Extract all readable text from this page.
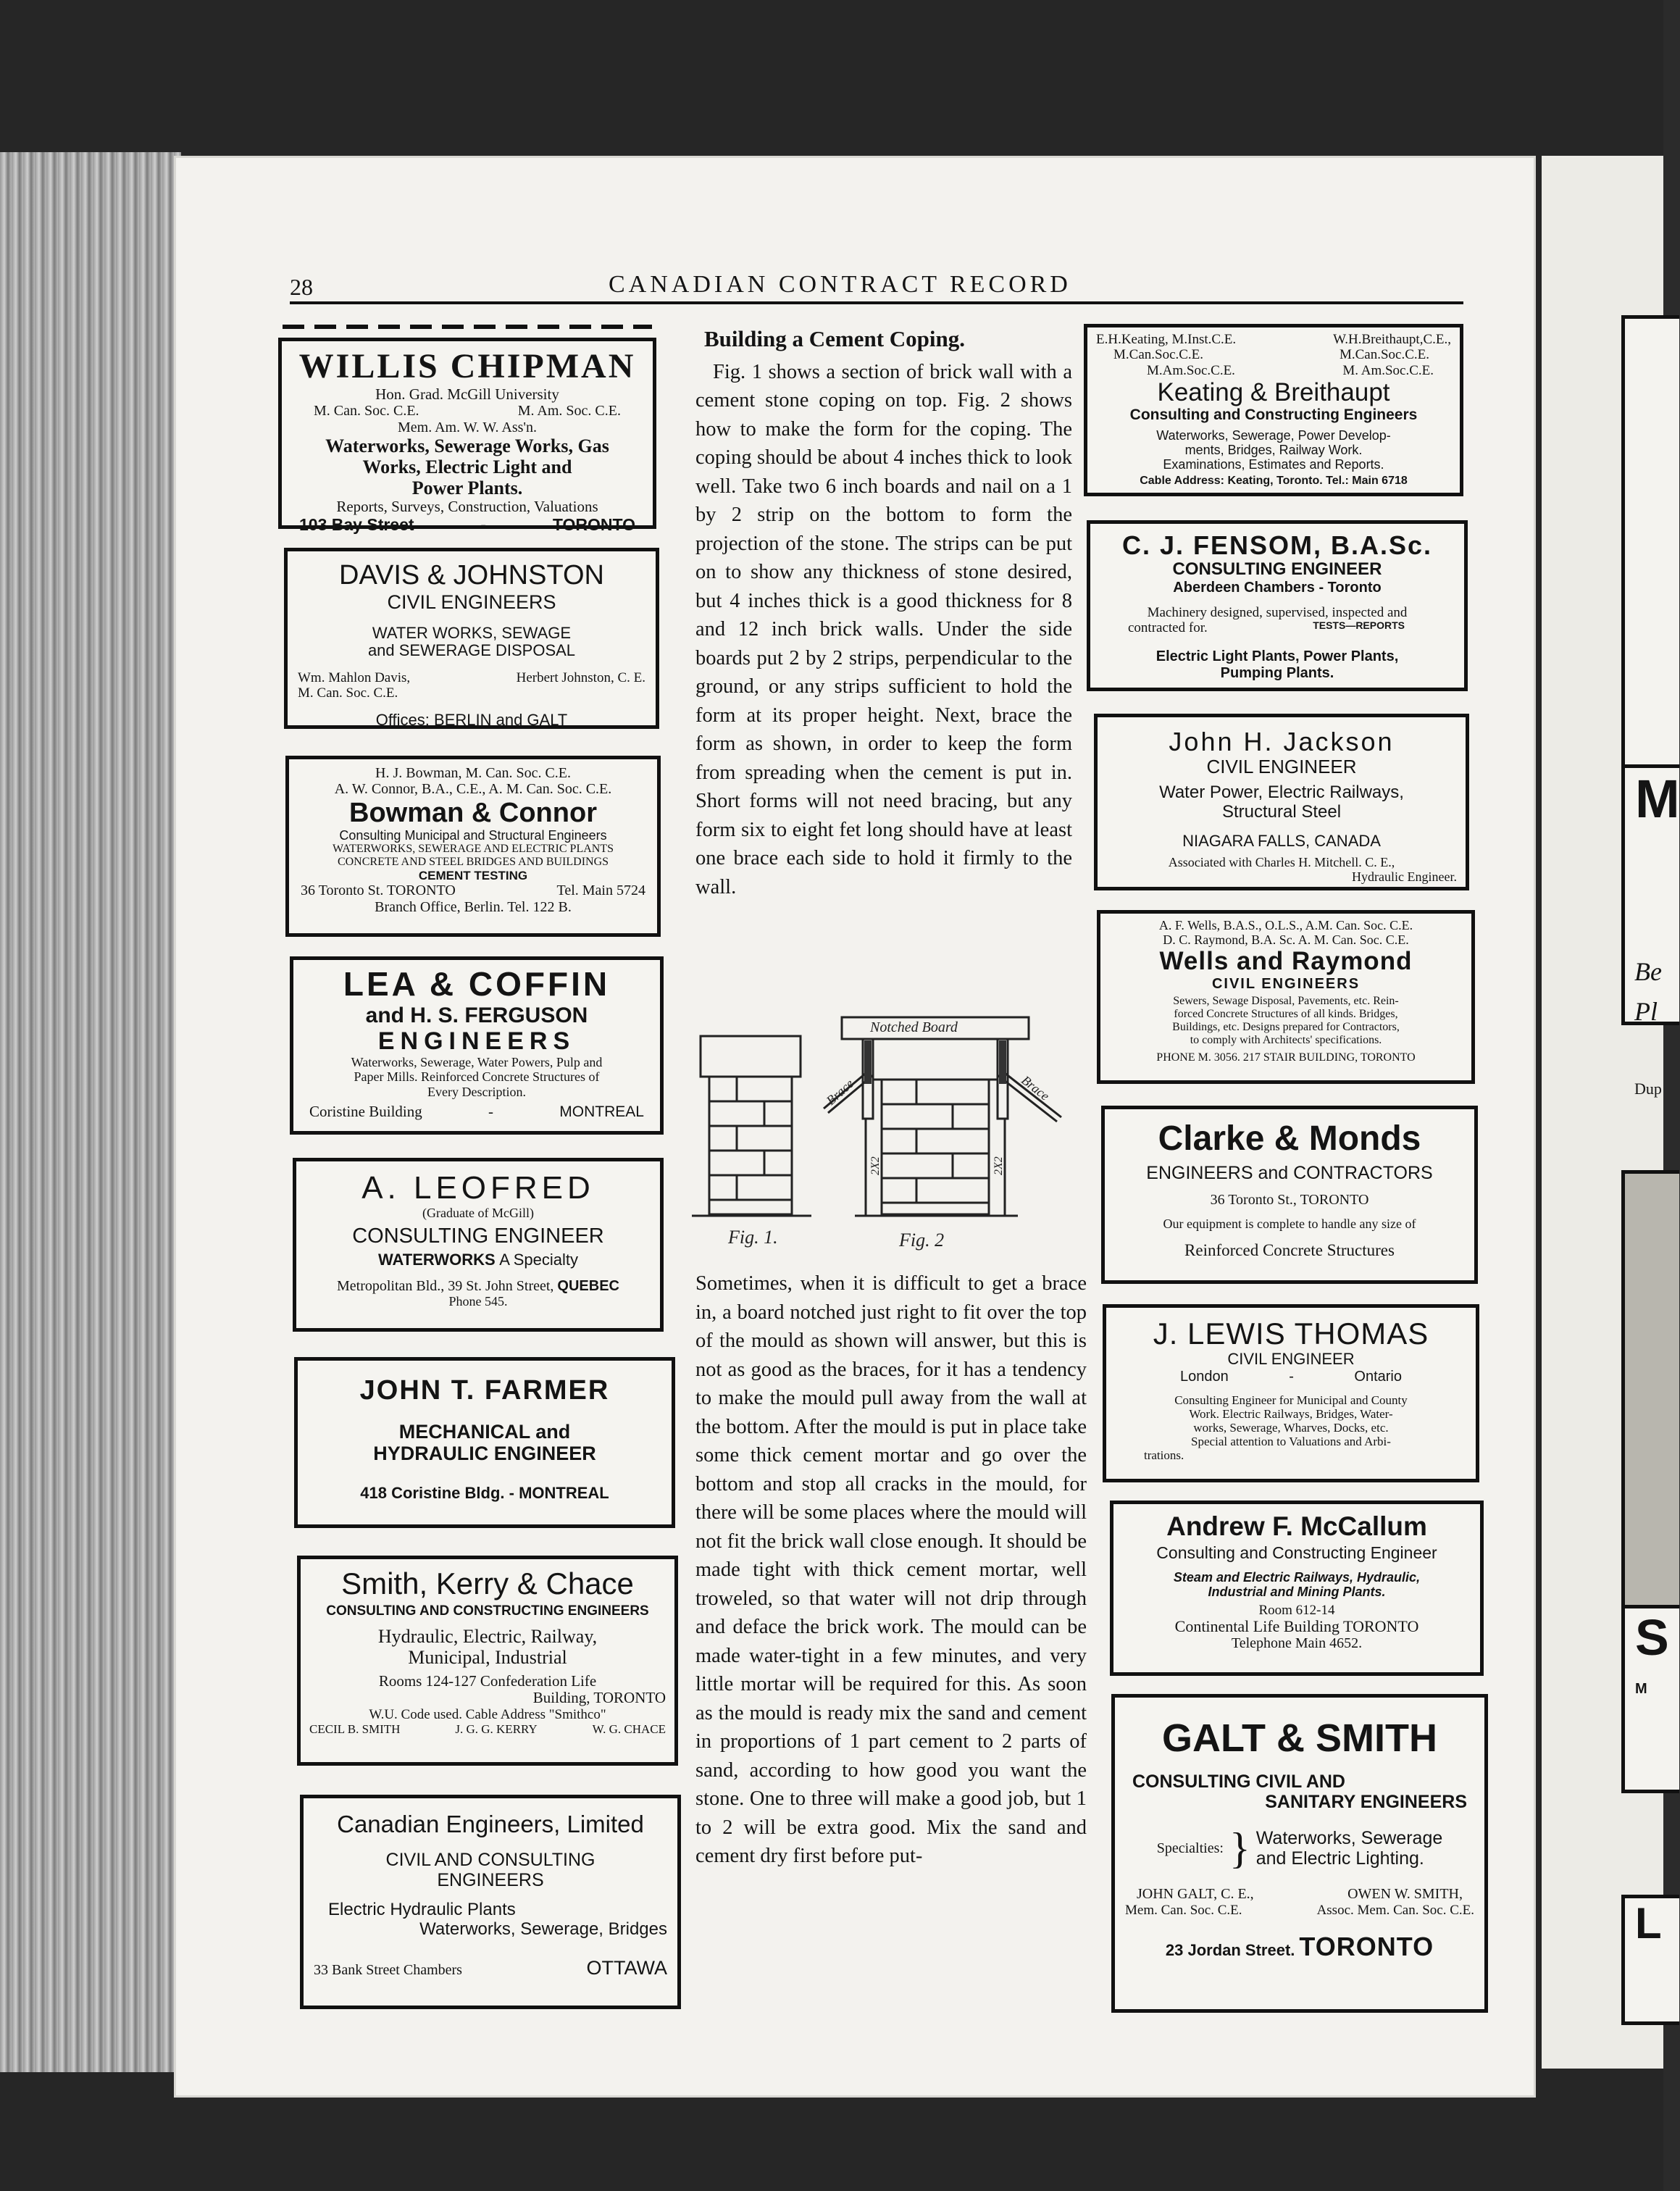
M
Be
Pl
Dup
S
M
L
28	CANADIAN CONTRACT RECORD

WILLIS CHIPMAN

Hon. Grad. McGill University

M. Can. Soc. C.E.	M. Am. Soc. C.E.

Mem. Am. W. W. Ass'n.

Waterworks, Sewerage Works, Gas

Works, Electric Light and

Power Plants.

Reports, Surveys, Construction, Valuations

103 Bay Street	-	TORONTO

DAVIS & JOHNSTON

CIVIL ENGINEERS

WATER WORKS, SEWAGE

and SEWERAGE DISPOSAL

Wm. Mahlon Davis,	Herbert Johnston, C. E.

M. Can. Soc. C.E.

Offices: BERLIN and GALT

H. J. Bowman, M. Can. Soc. C.E.

A. W. Connor, B.A., C.E., A. M. Can. Soc. C.E.

Bowman & Connor

Consulting Municipal and Structural Engineers

WATERWORKS, SEWERAGE AND ELECTRIC PLANTS

CONCRETE AND STEEL BRIDGES AND BUILDINGS

CEMENT TESTING

36 Toronto St. TORONTO	Tel. Main 5724

Branch Office, Berlin. Tel. 122 B.

LEA & COFFIN

and H. S. FERGUSON

ENGINEERS

Waterworks, Sewerage, Water Powers, Pulp and

Paper Mills. Reinforced Concrete Structures of

Every Description.

Coristine Building	-	MONTREAL

A. LEOFRED

(Graduate of McGill)

CONSULTING ENGINEER

WATERWORKS A Specialty

Metropolitan Bld., 39 St. John Street, QUEBEC

Phone 545.

JOHN T. FARMER

MECHANICAL and

HYDRAULIC ENGINEER

418 Coristine Bldg. - MONTREAL

Smith, Kerry & Chace

CONSULTING AND CONSTRUCTING ENGINEERS

Hydraulic, Electric, Railway,

Municipal, Industrial

Rooms 124-127 Confederation Life

Building, TORONTO

W.U. Code used. Cable Address "Smithco"

CECIL B. SMITH	J. G. G. KERRY	W. G. CHACE

Canadian Engineers, Limited

CIVIL AND CONSULTING

ENGINEERS

Electric Hydraulic Plants

Waterworks, Sewerage, Bridges

33 Bank Street Chambers	OTTAWA
Building a Cement Coping.

Fig. 1 shows a section of brick wall with a cement stone coping on top. Fig. 2 shows how to make the form for the coping. The coping should be about 4 inches thick to look well. Take two 6 inch boards and nail on a 1 by 2 strip on the bottom to form the projection of the stone. The strips can be put on to show any thickness of stone desired, but 4 inches thick is a good thickness for 8 and 12 inch brick walls. Under the side boards put 2 by 2 strips, perpendicular to the ground, or any strips sufficient to hold the form at its proper height. Next, brace the form as shown, in order to keep the form from spreading when the cement is put in. Short forms will not need bracing, but any form six to eight fet long should have at least one brace each side to hold it firmly to the wall.

Notched Board
Fig. 1.	Fig. 2
Brace	Brace
2X2	2X2

Sometimes, when it is difficult to get a brace in, a board notched just right to fit over the top of the mould as shown will answer, but this is not as good as the braces, for it has a tendency to make the mould pull away from the wall at the bottom. After the mould is put in place take some thick cement mortar and go over the bottom and stop all cracks in the mould, for there will be some places where the mould will not fit the brick wall close enough. It should be made tight with thick cement mortar, well troweled, so that water will not drip through and deface the brick work. The mould can be made water-tight in a few minutes, and very little mortar will be required for this. As soon as the mould is ready mix the sand and cement in proportions of 1 part cement to 2 parts of sand, according to how good you want the stone. One to three will make a good job, but 1 to 2 will be extra good. Mix the sand and cement dry first before put-

E.H.Keating, M.Inst.C.E.	W.H.Breithaupt,C.E.,
M.Can.Soc.C.E.	M.Can.Soc.C.E.
M.Am.Soc.C.E.	M. Am.Soc.C.E.

Keating & Breithaupt

Consulting and Constructing Engineers

Waterworks, Sewerage, Power Develop-

ments, Bridges, Railway Work.

Examinations, Estimates and Reports.

Cable Address: Keating, Toronto. Tel.: Main 6718

C. J. FENSOM, B.A.Sc.

CONSULTING ENGINEER

Aberdeen Chambers - Toronto

Machinery designed, supervised, inspected and

contracted for.	TESTS—REPORTS

Electric Light Plants, Power Plants,

Pumping Plants.

John H. Jackson

CIVIL ENGINEER

Water Power, Electric Railways,

Structural Steel

NIAGARA FALLS, CANADA

Associated with Charles H. Mitchell. C. E.,

Hydraulic Engineer.

A. F. Wells, B.A.S., O.L.S., A.M. Can. Soc. C.E.

D. C. Raymond, B.A. Sc. A. M. Can. Soc. C.E.

Wells and Raymond

CIVIL ENGINEERS

Sewers, Sewage Disposal, Pavements, etc. Rein-

forced Concrete Structures of all kinds. Bridges,

Buildings, etc. Designs prepared for Contractors,

to comply with Architects' specifications.

PHONE M. 3056. 217 STAIR BUILDING, TORONTO

Clarke & Monds

ENGINEERS and CONTRACTORS

36 Toronto St., TORONTO

Our equipment is complete to handle any size of

Reinforced Concrete Structures

J. LEWIS THOMAS

CIVIL ENGINEER

London	-	Ontario

Consulting Engineer for Municipal and County

Work. Electric Railways, Bridges, Water-

works, Sewerage, Wharves, Docks, etc.

Special attention to Valuations and Arbi-

trations.

Andrew F. McCallum

Consulting and Constructing Engineer

Steam and Electric Railways, Hydraulic,

Industrial and Mining Plants.

Room 612-14

Continental Life Building TORONTO

Telephone Main 4652.

GALT & SMITH

CONSULTING CIVIL AND

SANITARY ENGINEERS

Specialties: } Waterworks, Sewerage
and Electric Lighting.
JOHN GALT, C. E.,	OWEN W. SMITH,
Mem. Can. Soc. C.E.	Assoc. Mem. Can. Soc. C.E.
23 Jordan Street. TORONTO
